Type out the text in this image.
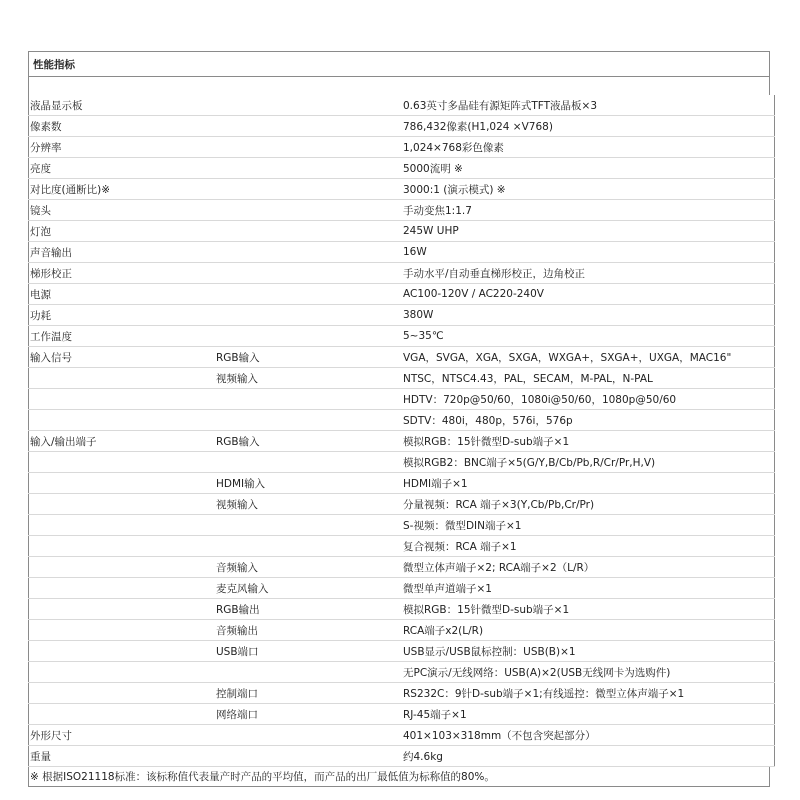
性能指标
液晶显示板		0.63英寸多晶硅有源矩阵式TFT液晶板×3
像素数		786,432像素(H1,024 ×V768)
分辨率		1,024×768彩色像素
亮度		5000流明 ※
对比度(通断比)※		3000:1 (演示模式) ※
镜头		手动变焦1:1.7
灯泡		245W UHP
声音输出		16W
梯形校正		手动水平/自动垂直梯形校正，边角校正
电源		AC100-120V / AC220-240V
功耗		380W
工作温度		5~35℃
输入信号	RGB输入	VGA，SVGA，XGA，SXGA，WXGA+，SXGA+，UXGA，MAC16"
	视频输入	NTSC，NTSC4.43，PAL，SECAM，M-PAL，N-PAL
		HDTV：720p@50/60，1080i@50/60，1080p@50/60
		SDTV：480i，480p，576i，576p
输入/输出端子	RGB输入	模拟RGB：15针微型D-sub端子×1
		模拟RGB2：BNC端子×5(G/Y,B/Cb/Pb,R/Cr/Pr,H,V)
	HDMI输入	HDMI端子×1
	视频输入	分量视频：RCA 端子×3(Y,Cb/Pb,Cr/Pr)
		S-视频：微型DIN端子×1
		复合视频：RCA 端子×1
	音频输入	微型立体声端子×2; RCA端子×2（L/R）
	麦克风输入	微型单声道端子×1
	RGB输出	模拟RGB：15针微型D-sub端子×1
	音频输出	RCA端子x2(L/R)
	USB端口	USB显示/USB鼠标控制：USB(B)×1
		无PC演示/无线网络：USB(A)×2(USB无线网卡为选购件)
	控制端口	RS232C：9针D-sub端子×1;有线遥控：微型立体声端子×1
	网络端口	RJ-45端子×1
外形尺寸		401×103×318mm（不包含突起部分）
重量		约4.6kg
※ 根据ISO21118标准：该标称值代表量产时产品的平均值，而产品的出厂最低值为标称值的80%。
